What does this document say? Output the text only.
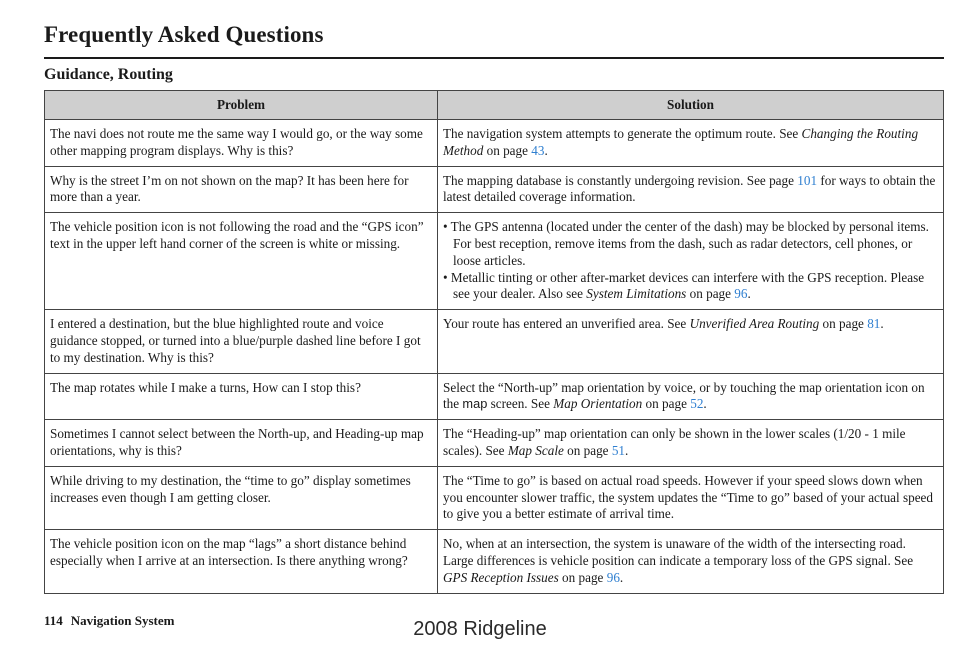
Frequently Asked Questions
Guidance, Routing
Problem	Solution
The navi does not route me the same way I would go, or the way some other mapping program displays. Why is this?	The navigation system attempts to generate the optimum route. See Changing the Routing Method on page 43.
Why is the street I’m on not shown on the map? It has been here for more than a year.	The mapping database is constantly undergoing revision. See page 101 for ways to obtain the latest detailed coverage information.
The vehicle position icon is not following the road and the “GPS icon” text in the upper left hand corner of the screen is white or missing.	• The GPS antenna (located under the center of the dash) may be blocked by personal items. For best reception, remove items from the dash, such as radar detectors, cell phones, or loose articles.
• Metallic tinting or other after-market devices can interfere with the GPS reception. Please see your dealer. Also see System Limitations on page 96.

I entered a destination, but the blue highlighted route and voice guidance stopped, or turned into a blue/purple dashed line before I got to my destination. Why is this?	Your route has entered an unverified area. See Unverified Area Routing on page 81.
The map rotates while I make a turns, How can I stop this?	Select the “North-up” map orientation by voice, or by touching the map orientation icon on the map screen. See Map Orientation on page 52.
Sometimes I cannot select between the North-up, and Heading-up map orientations, why is this?	The “Heading-up” map orientation can only be shown in the lower scales (1/20 - 1 mile scales). See Map Scale on page 51.
While driving to my destination, the “time to go” display sometimes increases even though I am getting closer.	The “Time to go” is based on actual road speeds. However if your speed slows down when you encounter slower traffic, the system updates the “Time to go” based of your actual speed to give you a better estimate of arrival time.
The vehicle position icon on the map “lags” a short distance behind especially when I arrive at an intersection. Is there anything wrong?	No, when at an intersection, the system is unaware of the width of the intersecting road. Large differences is vehicle position can indicate a temporary loss of the GPS signal. See GPS Reception Issues on page 96.
114 Navigation System	2008 Ridgeline
